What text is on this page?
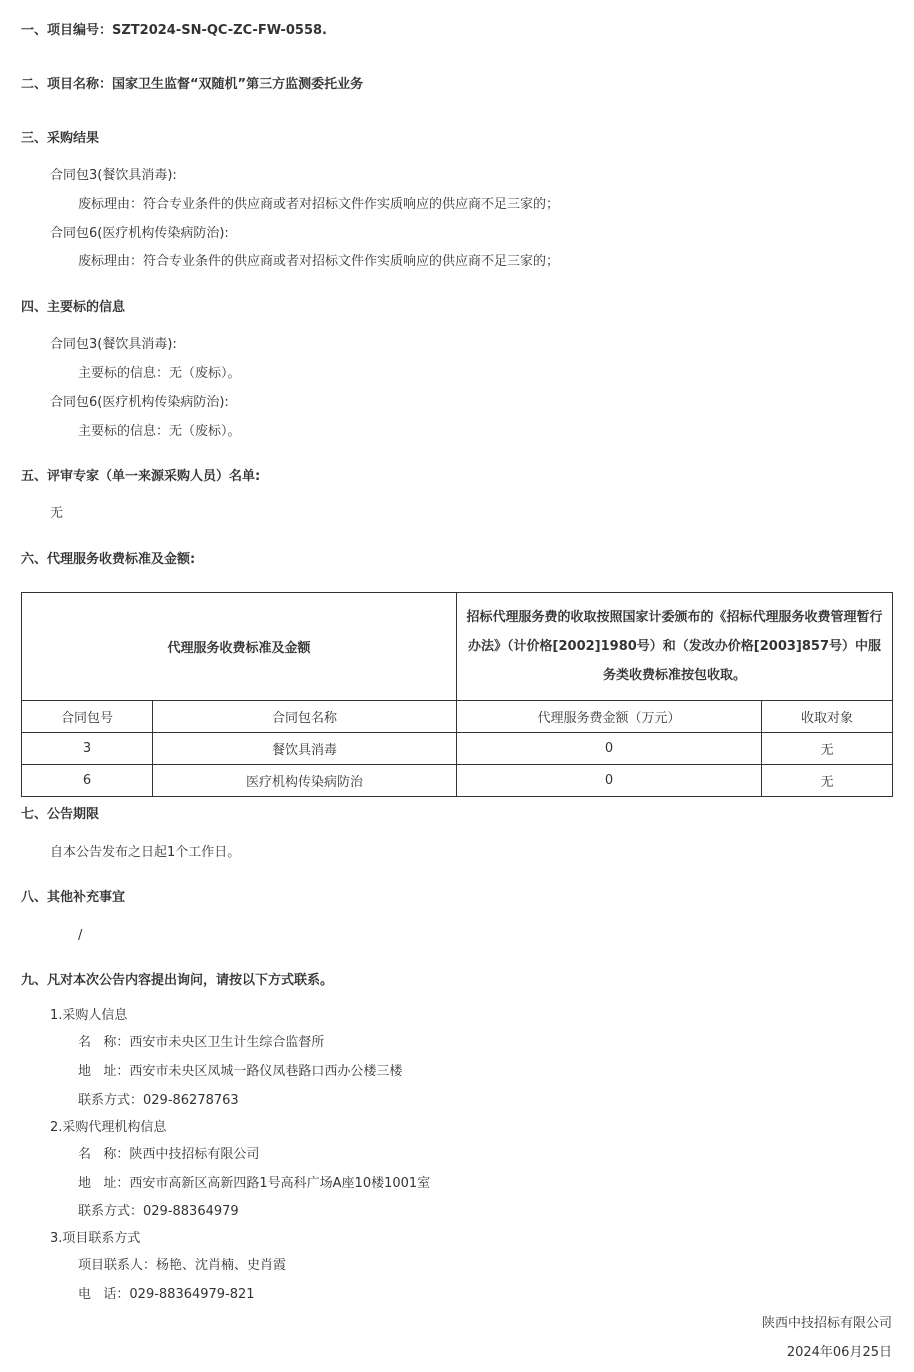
一、项目编号：SZT2024-SN-QC-ZC-FW-0558.
二、项目名称：国家卫生监督“双随机”第三方监测委托业务
三、采购结果
合同包3(餐饮具消毒):
废标理由：符合专业条件的供应商或者对招标文件作实质响应的供应商不足三家的；
合同包6(医疗机构传染病防治):
废标理由：符合专业条件的供应商或者对招标文件作实质响应的供应商不足三家的；
四、主要标的信息
合同包3(餐饮具消毒):
主要标的信息：无（废标）。
合同包6(医疗机构传染病防治):
主要标的信息：无（废标）。
五、评审专家（单一来源采购人员）名单:
无
六、代理服务收费标准及金额:
代理服务收费标准及金额		招标代理服务费的收取按照国家计委颁布的《招标代理服务收费管理暂行办法》（计价格[2002]1980号）和（发改办价格[2003]857号）中服务类收费标准按包收取。	
合同包号	合同包名称	代理服务费金额（万元）	收取对象
3	餐饮具消毒	0	无
6	医疗机构传染病防治	0	无
七、公告期限
自本公告发布之日起1个工作日。
八、其他补充事宜
/
九、凡对本次公告内容提出询问，请按以下方式联系。
1.采购人信息
名   称：西安市未央区卫生计生综合监督所
地   址：西安市未央区凤城一路仪凤巷路口西办公楼三楼
联系方式：029-86278763
2.采购代理机构信息
名   称：陕西中技招标有限公司
地   址：西安市高新区高新四路1号高科广场A座10楼1001室
联系方式：029-88364979
3.项目联系方式
项目联系人：杨艳、沈肖楠、史肖霞
电   话：029-88364979-821
陕西中技招标有限公司
2024年06月25日
